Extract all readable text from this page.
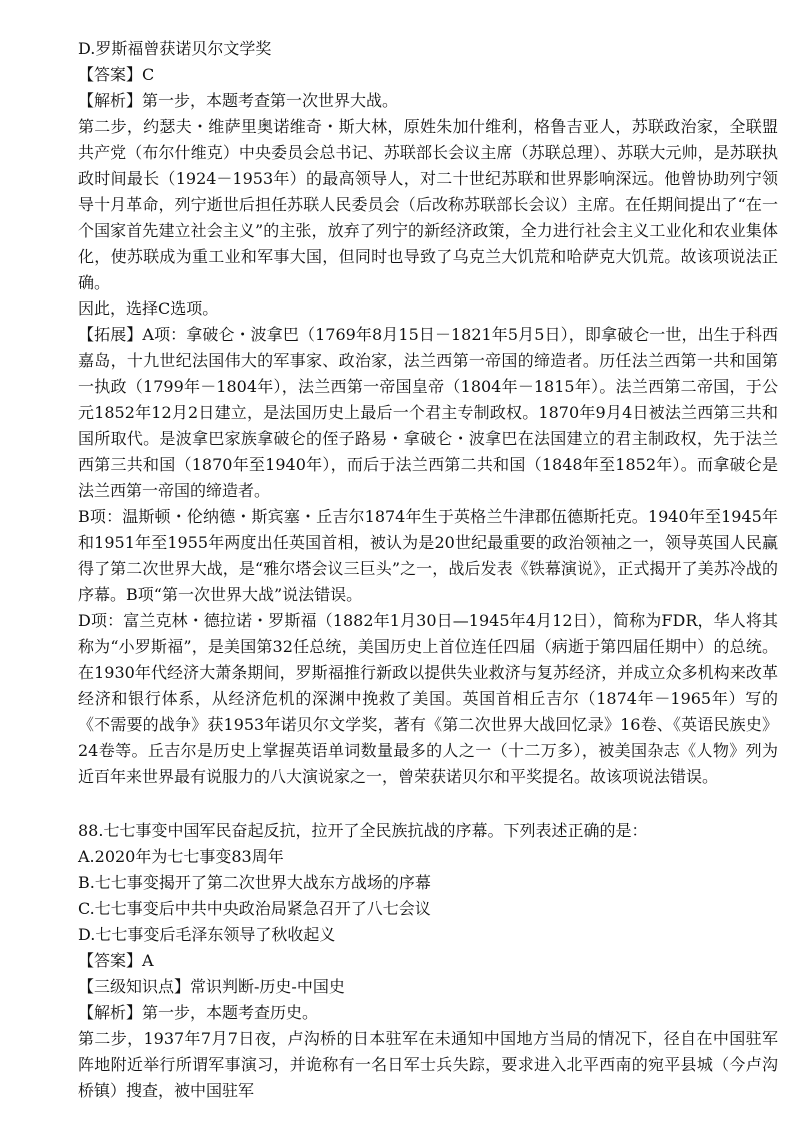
D.罗斯福曾获诺贝尔文学奖

【答案】C

【解析】第一步，本题考查第一次世界大战。

第二步，约瑟夫・维萨里奥诺维奇・斯大林，原姓朱加什维利，格鲁吉亚人，苏联政治家，全联盟共产党（布尔什维克）中央委员会总书记、苏联部长会议主席（苏联总理）、苏联大元帅，是苏联执政时间最长（1924－1953年）的最高领导人，对二十世纪苏联和世界影响深远。他曾协助列宁领导十月革命，列宁逝世后担任苏联人民委员会（后改称苏联部长会议）主席。在任期间提出了“在一个国家首先建立社会主义”的主张，放弃了列宁的新经济政策，全力进行社会主义工业化和农业集体化，使苏联成为重工业和军事大国，但同时也导致了乌克兰大饥荒和哈萨克大饥荒。故该项说法正确。

因此，选择C选项。

【拓展】A项：拿破仑・波拿巴（1769年8月15日－1821年5月5日），即拿破仑一世，出生于科西嘉岛，十九世纪法国伟大的军事家、政治家，法兰西第一帝国的缔造者。历任法兰西第一共和国第一执政（1799年－1804年），法兰西第一帝国皇帝（1804年－1815年）。法兰西第二帝国，于公元1852年12月2日建立，是法国历史上最后一个君主专制政权。1870年9月4日被法兰西第三共和国所取代。是波拿巴家族拿破仑的侄子路易・拿破仑・波拿巴在法国建立的君主制政权，先于法兰西第三共和国（1870年至1940年），而后于法兰西第二共和国（1848年至1852年）。而拿破仑是法兰西第一帝国的缔造者。

B项：温斯顿・伦纳德・斯宾塞・丘吉尔1874年生于英格兰牛津郡伍德斯托克。1940年至1945年和1951年至1955年两度出任英国首相，被认为是20世纪最重要的政治领袖之一，领导英国人民赢得了第二次世界大战，是“雅尔塔会议三巨头”之一，战后发表《铁幕演说》，正式揭开了美苏冷战的序幕。B项“第一次世界大战”说法错误。

D项：富兰克林・德拉诺・罗斯福（1882年1月30日—1945年4月12日），简称为FDR，华人将其称为“小罗斯福”，是美国第32任总统，美国历史上首位连任四届（病逝于第四届任期中）的总统。在1930年代经济大萧条期间，罗斯福推行新政以提供失业救济与复苏经济，并成立众多机构来改革经济和银行体系，从经济危机的深渊中挽救了美国。英国首相丘吉尔（1874年－1965年）写的《不需要的战争》获1953年诺贝尔文学奖，著有《第二次世界大战回忆录》16卷、《英语民族史》24卷等。丘吉尔是历史上掌握英语单词数量最多的人之一（十二万多），被美国杂志《人物》列为近百年来世界最有说服力的八大演说家之一，曾荣获诺贝尔和平奖提名。故该项说法错误。

88.七七事变中国军民奋起反抗，拉开了全民族抗战的序幕。下列表述正确的是：

A.2020年为七七事变83周年

B.七七事变揭开了第二次世界大战东方战场的序幕

C.七七事变后中共中央政治局紧急召开了八七会议

D.七七事变后毛泽东领导了秋收起义

【答案】A

【三级知识点】常识判断-历史-中国史

【解析】第一步，本题考查历史。

第二步，1937年7月7日夜，卢沟桥的日本驻军在未通知中国地方当局的情况下，径自在中国驻军阵地附近举行所谓军事演习，并诡称有一名日军士兵失踪，要求进入北平西南的宛平县城（今卢沟桥镇）搜查，被中国驻军
